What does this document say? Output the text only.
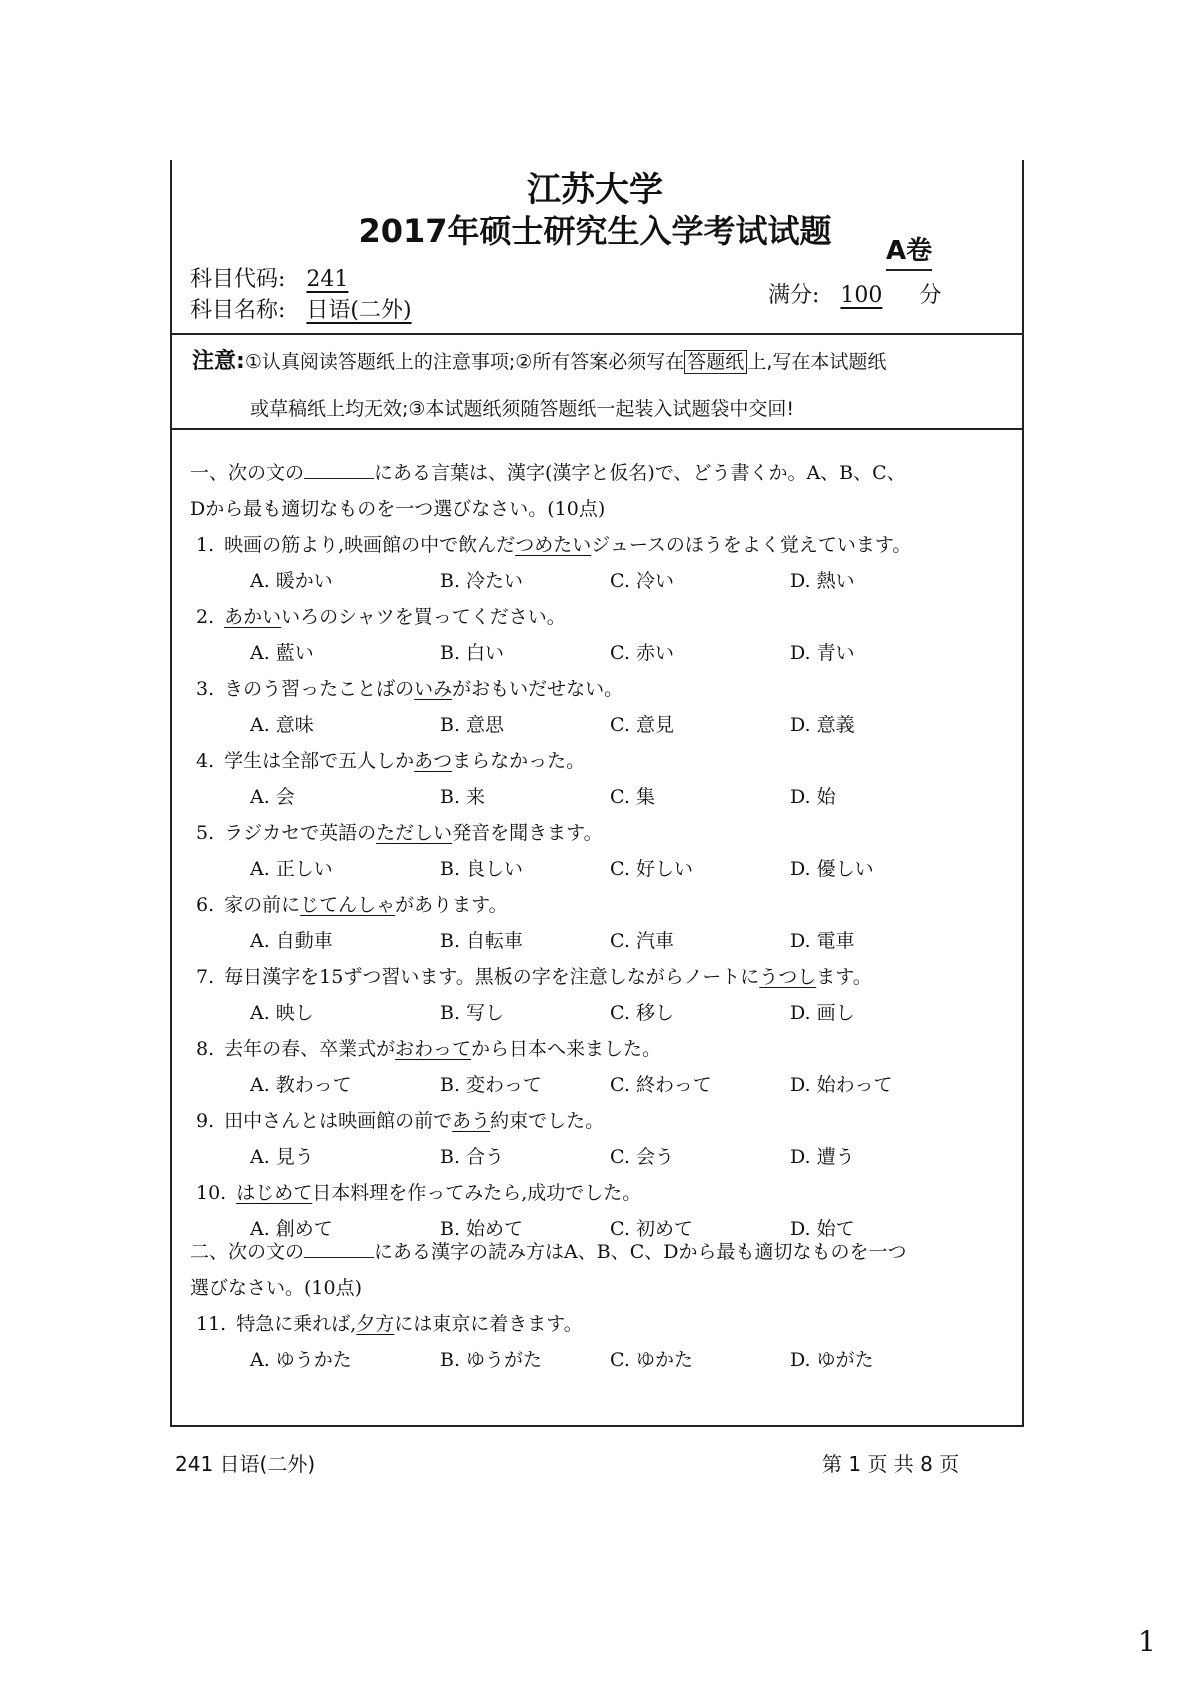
江苏大学
2017年硕士研究生入学考试试题
A卷
科目代码: 241
科目名称: 日语(二外)
满分: 100 分
注意:①认真阅读答题纸上的注意事项;②所有答案必须写在 答题纸 上,写在本试题纸
或草稿纸上均无效;③本试题纸须随答题纸一起装入试题袋中交回!
一、次の文の	にある言葉は、漢字(漢字と仮名)で、どう書くか。A、B、C、
Dから最も適切なものを一つ選びなさい。(10点)
1. 映画の筋より,映画館の中で飲んだつめたいジュースのほうをよく覚えています。
A. 暖かい	B. 冷たい	C. 冷い	D. 熱い
2. あかいいろのシャツを買ってください。
A. 藍い	B. 白い	C. 赤い	D. 青い
3. きのう習ったことばのいみがおもいだせない。
A. 意味	B. 意思	C. 意見	D. 意義
4. 学生は全部で五人しかあつまらなかった。
A. 会	B. 来	C. 集	D. 始
5. ラジカセで英語のただしい発音を聞きます。
A. 正しい	B. 良しい	C. 好しい	D. 優しい
6. 家の前にじてんしゃがあります。
A. 自動車	B. 自転車	C. 汽車	D. 電車
7. 毎日漢字を15ずつ習います。黒板の字を注意しながらノートにうつします。
A. 映し	B. 写し	C. 移し	D. 画し
8. 去年の春、卒業式がおわってから日本へ来ました。
A. 教わって	B. 変わって	C. 終わって	D. 始わって
9. 田中さんとは映画館の前であう約束でした。
A. 見う	B. 合う	C. 会う	D. 遭う
10. はじめて日本料理を作ってみたら,成功でした。
A. 創めて	B. 始めて	C. 初めて	D. 始て
二、次の文の	にある漢字の読み方はA、B、C、Dから最も適切なものを一つ
選びなさい。(10点)
11. 特急に乗れば,夕方には東京に着きます。
A. ゆうかた	B. ゆうがた	C. ゆかた	D. ゆがた
241 日语(二外)	第 1 页 共 8 页
1
